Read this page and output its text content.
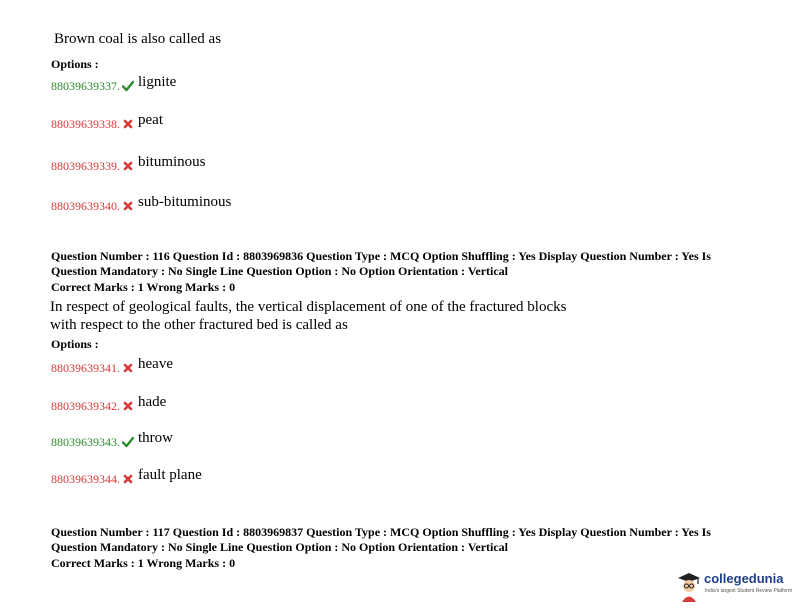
Brown coal is also called as
Options :
88039639337. lignite
88039639338. peat
88039639339. bituminous
88039639340. sub-bituminous
Question Number : 116 Question Id : 8803969836 Question Type : MCQ Option Shuffling : Yes Display Question Number : Yes Is
Question Mandatory : No Single Line Question Option : No Option Orientation : Vertical
Correct Marks : 1 Wrong Marks : 0
In respect of geological faults, the vertical displacement of one of the fractured blocks
with respect to the other fractured bed is called as
Options :
88039639341. heave
88039639342. hade
88039639343. throw
88039639344. fault plane
Question Number : 117 Question Id : 8803969837 Question Type : MCQ Option Shuffling : Yes Display Question Number : Yes Is
Question Mandatory : No Single Line Question Option : No Option Orientation : Vertical
Correct Marks : 1 Wrong Marks : 0
collegedunia
India's largest Student Review Platform
